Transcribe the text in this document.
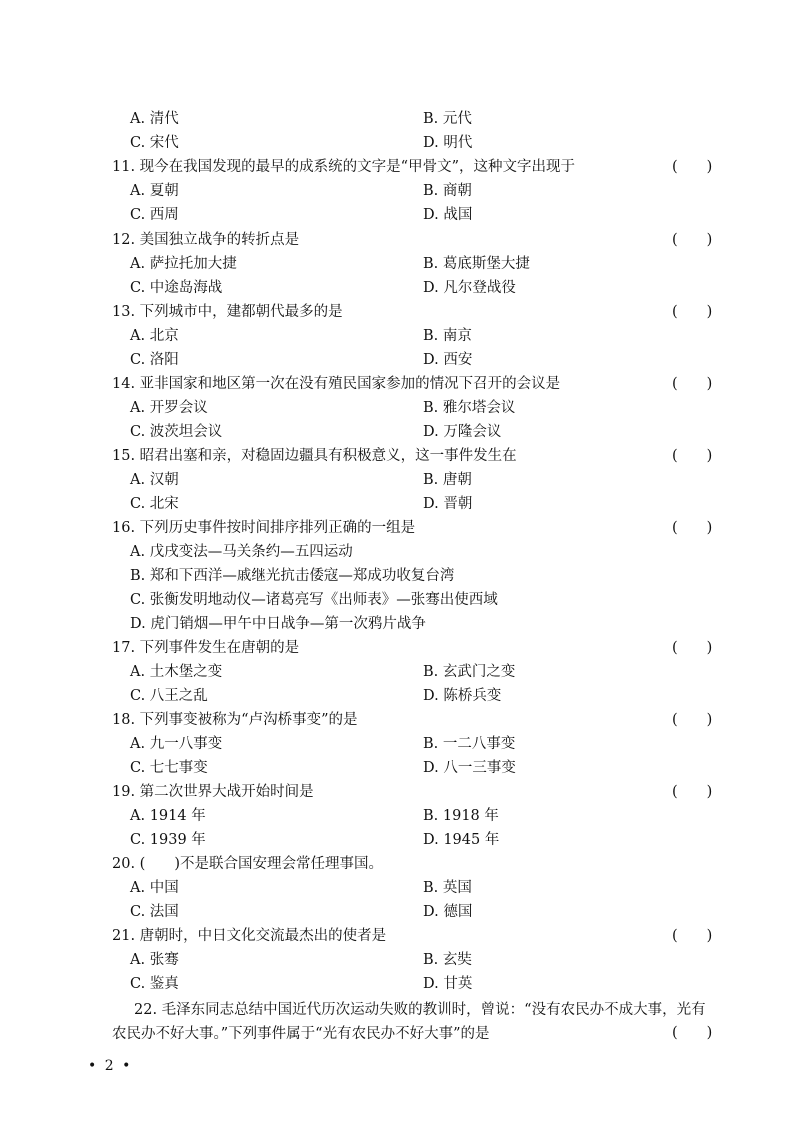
A. 清代	B. 元代
C. 宋代	D. 明代
11. 现今在我国发现的最早的成系统的文字是“甲骨文”，这种文字出现于	(　　)
A. 夏朝	B. 商朝
C. 西周	D. 战国
12. 美国独立战争的转折点是	(　　)
A. 萨拉托加大捷	B. 葛底斯堡大捷
C. 中途岛海战	D. 凡尔登战役
13. 下列城市中，建都朝代最多的是	(　　)
A. 北京	B. 南京
C. 洛阳	D. 西安
14. 亚非国家和地区第一次在没有殖民国家参加的情况下召开的会议是	(　　)
A. 开罗会议	B. 雅尔塔会议
C. 波茨坦会议	D. 万隆会议
15. 昭君出塞和亲，对稳固边疆具有积极意义，这一事件发生在	(　　)
A. 汉朝	B. 唐朝
C. 北宋	D. 晋朝
16. 下列历史事件按时间排序排列正确的一组是	(　　)
A. 戊戌变法—马关条约—五四运动
B. 郑和下西洋—戚继光抗击倭寇—郑成功收复台湾
C. 张衡发明地动仪—诸葛亮写《出师表》—张骞出使西域
D. 虎门销烟—甲午中日战争—第一次鸦片战争
17. 下列事件发生在唐朝的是	(　　)
A. 土木堡之变	B. 玄武门之变
C. 八王之乱	D. 陈桥兵变
18. 下列事变被称为“卢沟桥事变”的是	(　　)
A. 九一八事变	B. 一二八事变
C. 七七事变	D. 八一三事变
19. 第二次世界大战开始时间是	(　　)
A. 1914 年	B. 1918 年
C. 1939 年	D. 1945 年
20. (　　)不是联合国安理会常任理事国。
A. 中国	B. 英国
C. 法国	D. 德国
21. 唐朝时，中日文化交流最杰出的使者是	(　　)
A. 张骞	B. 玄奘
C. 鉴真	D. 甘英
22. 毛泽东同志总结中国近代历次运动失败的教训时，曾说：“没有农民办不成大事，光有农民办不好大事。”下列事件属于“光有农民办不好大事”的是	(　　)
• 2 •
